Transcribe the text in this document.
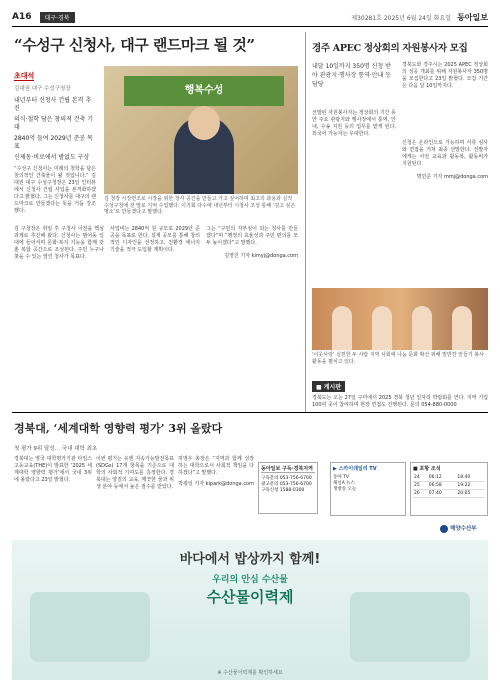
A16	대구·경북	제30281호 2025년 6월 24일 화요일 동아일보
“수성구 신청사, 대구 랜드마크 될 것”
초대석
김대권 대구 수성구청장

내년부터 신청사 건립 본격 추진

의식·철학 담은 창의적 건축 기대

2840억 들여 2029년 준공 목표

신제동·비로에서 밤없도 구상

“수성구 신청사는 미래의 철학을 담은 창의적인 건축물이 될 것입니다.” 김대권 대구 수성구청장은 23일 인터뷰에서 신청사 건립 사업을 본격화하겠다고 밝혔다. 그는 신청사를 대구의 랜드마크로 만들겠다는 뜻을 거듭 강조했다.

행복수성
김 청장 시장면조로 시장을 위한 청사 공간을 만들고 가고 싶어하며 최고의 과용과 실적 수성구청에 전 말로 기억 수업했다. 이기회 다수에 내년부터 시청사 조성 통해 ‘걷고 싶은 명소’로 만들겠다고 말했다.

김 구청장은 취임 후 구청사 이전을 핵심 과제로 추진해 왔다. 신청사는 범어동 일대에 들어서며 문화·복지 기능을 함께 갖춘 복합 공간으로 조성된다. 주민 누구나 찾을 수 있는 열린 청사가 목표다.

사업비는 2840억 원 규모로 2029년 준공을 목표로 한다. 설계 공모를 통해 창의적인 디자인을 선정하고, 친환경 에너지 기술을 적극 도입할 계획이다.

그는 “구민의 자부심이 되는 청사를 만들겠다”며 “행정의 효율성과 주민 편의를 모두 높이겠다”고 말했다.

김영진 기자 kimyj@donga.com

경주 APEC 정상회의 자원봉사자 모집
내달 10일까지 350명 신청 받아 관광지·행사장 통역·안내 등 담당

경북도와 경주시는 2025 APEC 정상회의 성공 개최를 위해 자원봉사자 350명을 모집한다고 23일 밝혔다. 모집 기간은 다음 달 10일까지다.

선발된 자원봉사자는 정상회의 기간 동안 주요 관광지와 행사장에서 통역, 안내, 수송 지원 등의 업무를 맡게 된다. 외국어 가능자는 우대한다.

신청은 온라인으로 가능하며 서류 심사와 면접을 거쳐 최종 선발한다. 선발자에게는 사전 교육과 활동복, 활동비가 지원된다.

명민준 기자 mmj@donga.com

‘이웃사랑’ 실천한 두 사람 지역 사회에 나눔 문화 확산 위해 밑반찬 만들기 봉사 활동을 펼치고 있다.
■ 게시판

경북도는 오는 27일 구미에서 2025 경북 청년 일자리 박람회를 연다. 지역 기업 100여 곳이 참여하며 현장 면접도 진행된다. 문의 054-880-0000

경북대, ‘세계대학 영향력 평가’ 3위 올랐다
첫 평가 9위 달성… 국내 대학 최초

경북대는 영국 대학평가기관 타임스고등교육(THE)이 발표한 ‘2025 세계대학 영향력 평가’에서 국내 3위에 올랐다고 23일 밝혔다.

이번 평가는 유엔 지속가능발전목표(SDGs) 17개 항목을 기준으로 대학의 사회적 기여도를 측정한다. 경북대는 양질의 교육, 깨끗한 물과 위생 분야 등에서 높은 점수를 받았다.

허영우 총장은 “지역과 함께 성장하는 대학으로서 사회적 책임을 다하겠다”고 말했다.

박광일 기자 kipark@donga.com

동아일보 구독·경북지역
구독문의 053-756-6700
광고문의 053-756-6700
구독신청 1588-0300
▶ 스카이데일리 TV
동아 TV
채널A 뉴스
생방송 오늘
■ 포항 조석
24	06:12	18:40
25	06:58	19:22
26	07:40	20:05
해양수산부
바다에서 밥상까지 함께!
우리의 안심 수산물
수산물이력제
※ 수산물이력제를 확인하세요
